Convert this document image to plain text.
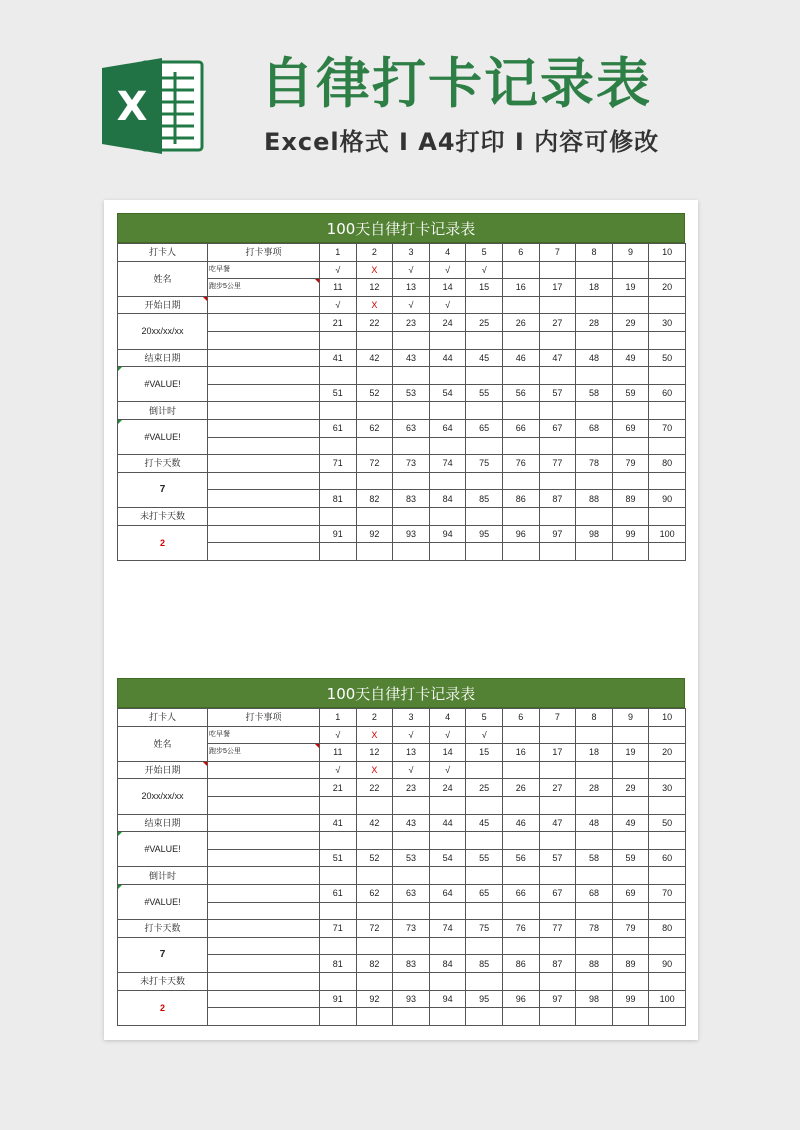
X 自律打卡记录表
Excel格式 I A4打印 I 内容可修改
100天自律打卡记录表
打卡人	打卡事项	1	2	3	4	5	6	7	8	9	10
姓名	吃早餐	√	X	√	√	√					
	跑步5公里	11	12	13	14	15	16	17	18	19	20
开始日期		√	X	√	√						
20xx/xx/xx		21	22	23	24	25	26	27	28	29	30

结束日期		41	42	43	44	45	46	47	48	49	50
#VALUE!											
		51	52	53	54	55	56	57	58	59	60
倒计时											
#VALUE!		61	62	63	64	65	66	67	68	69	70

打卡天数		71	72	73	74	75	76	77	78	79	80
7											
		81	82	83	84	85	86	87	88	89	90
未打卡天数											
2		91	92	93	94	95	96	97	98	99	100

100天自律打卡记录表
打卡人	打卡事项	1	2	3	4	5	6	7	8	9	10
姓名	吃早餐	√	X	√	√	√					
	跑步5公里	11	12	13	14	15	16	17	18	19	20
开始日期		√	X	√	√						
20xx/xx/xx		21	22	23	24	25	26	27	28	29	30

结束日期		41	42	43	44	45	46	47	48	49	50
#VALUE!											
		51	52	53	54	55	56	57	58	59	60
倒计时											
#VALUE!		61	62	63	64	65	66	67	68	69	70

打卡天数		71	72	73	74	75	76	77	78	79	80
7											
		81	82	83	84	85	86	87	88	89	90
未打卡天数											
2		91	92	93	94	95	96	97	98	99	100
